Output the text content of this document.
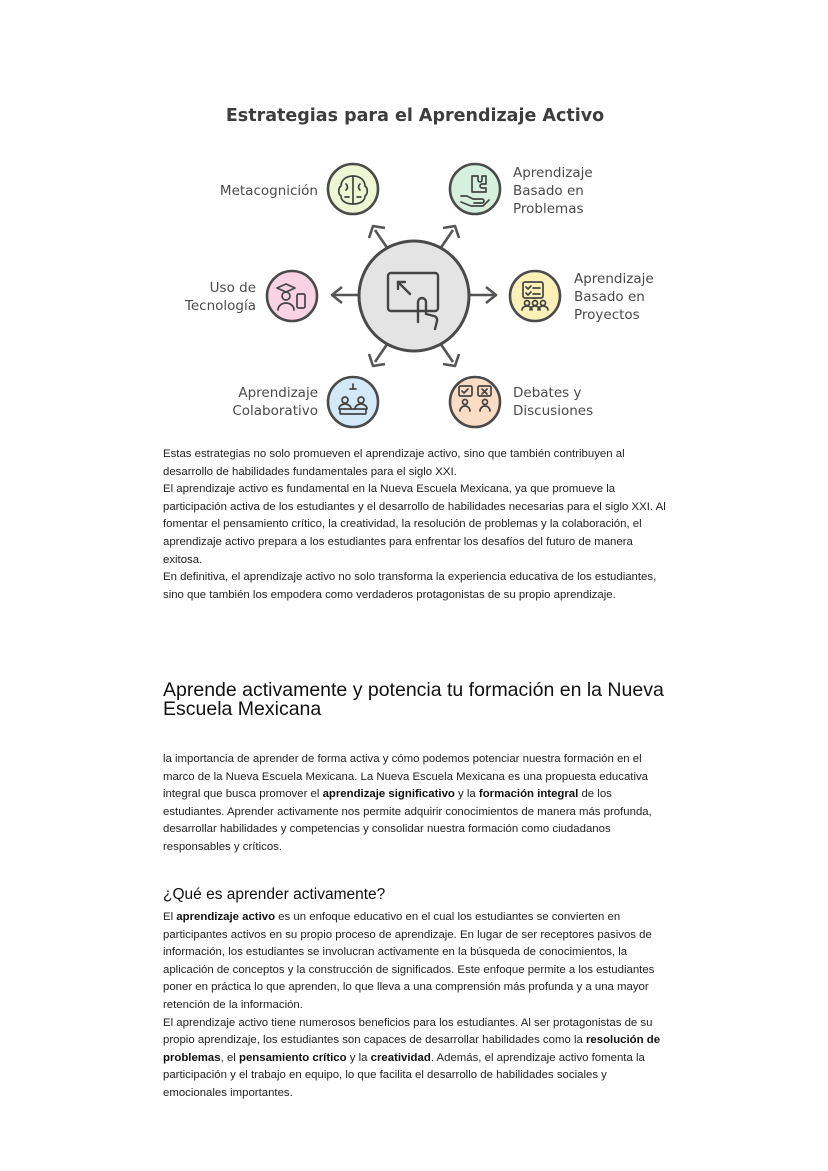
Estrategias para el Aprendizaje Activo
Metacognición
Aprendizaje
Basado en
Problemas
Uso de
Tecnología
Aprendizaje
Basado en
Proyectos
Aprendizaje
Colaborativo
Debates y
Discusiones

Estas estrategias no solo promueven el aprendizaje activo, sino que también contribuyen al desarrollo de habilidades fundamentales para el siglo XXI.

El aprendizaje activo es fundamental en la Nueva Escuela Mexicana, ya que promueve la participación activa de los estudiantes y el desarrollo de habilidades necesarias para el siglo XXI. Al fomentar el pensamiento crítico, la creatividad, la resolución de problemas y la colaboración, el aprendizaje activo prepara a los estudiantes para enfrentar los desafíos del futuro de manera exitosa.

En definitiva, el aprendizaje activo no solo transforma la experiencia educativa de los estudiantes, sino que también los empodera como verdaderos protagonistas de su propio aprendizaje.

Aprende activamente y potencia tu formación en la Nueva Escuela Mexicana

la importancia de aprender de forma activa y cómo podemos potenciar nuestra formación en el marco de la Nueva Escuela Mexicana. La Nueva Escuela Mexicana es una propuesta educativa integral que busca promover el aprendizaje significativo y la formación integral de los estudiantes. Aprender activamente nos permite adquirir conocimientos de manera más profunda, desarrollar habilidades y competencias y consolidar nuestra formación como ciudadanos responsables y críticos.

¿Qué es aprender activamente?

El aprendizaje activo es un enfoque educativo en el cual los estudiantes se convierten en participantes activos en su propio proceso de aprendizaje. En lugar de ser receptores pasivos de información, los estudiantes se involucran activamente en la búsqueda de conocimientos, la aplicación de conceptos y la construcción de significados. Este enfoque permite a los estudiantes poner en práctica lo que aprenden, lo que lleva a una comprensión más profunda y a una mayor retención de la información.

El aprendizaje activo tiene numerosos beneficios para los estudiantes. Al ser protagonistas de su propio aprendizaje, los estudiantes son capaces de desarrollar habilidades como la resolución de problemas, el pensamiento crítico y la creatividad. Además, el aprendizaje activo fomenta la participación y el trabajo en equipo, lo que facilita el desarrollo de habilidades sociales y emocionales importantes.
